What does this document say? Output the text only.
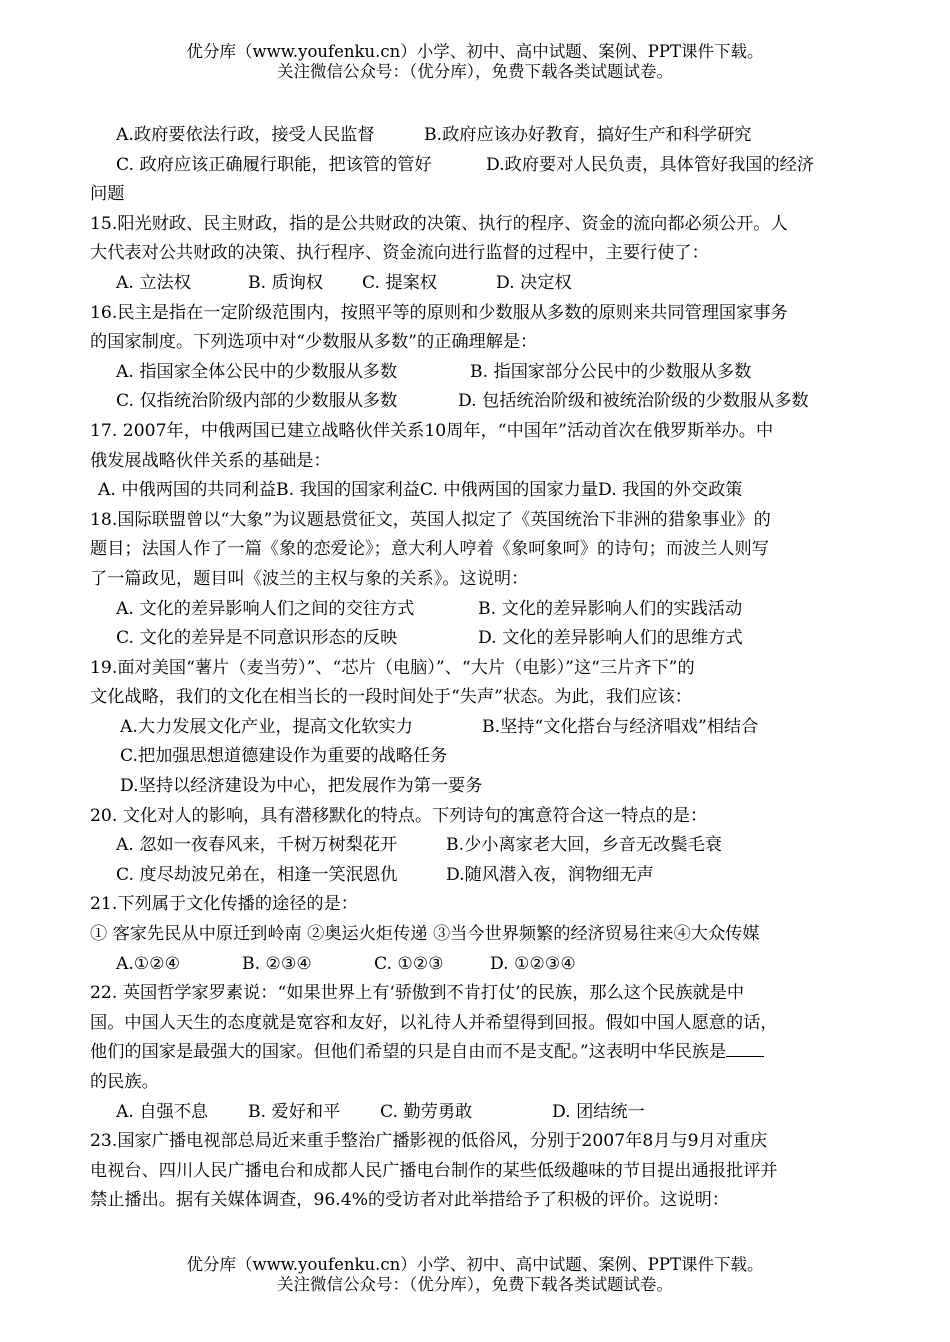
优分库（www.youfenku.cn）小学、初中、高中试题、案例、PPT课件下载。
关注微信公众号：（优分库），免费下载各类试题试卷。
A.政府要依法行政，接受人民监督	B.政府应该办好教育，搞好生产和科学研究
C. 政府应该正确履行职能，把该管的管好	D.政府要对人民负责，具体管好我国的经济
问题
15.阳光财政、民主财政，指的是公共财政的决策、执行的程序、资金的流向都必须公开。人
大代表对公共财政的决策、执行程序、资金流向进行监督的过程中，主要行使了：
A. 立法权	B. 质询权 C. 提案权	D. 决定权
16.民主是指在一定阶级范围内，按照平等的原则和少数服从多数的原则来共同管理国家事务
的国家制度。下列选项中对“少数服从多数”的正确理解是：
A. 指国家全体公民中的少数服从多数	B. 指国家部分公民中的少数服从多数
C. 仅指统治阶级内部的少数服从多数	D. 包括统治阶级和被统治阶级的少数服从多数
17. 2007年，中俄两国已建立战略伙伴关系10周年，“中国年”活动首次在俄罗斯举办。中
俄发展战略伙伴关系的基础是：
A. 中俄两国的共同利益B. 我国的国家利益C. 中俄两国的国家力量D. 我国的外交政策
18.国际联盟曾以“大象”为议题悬赏征文，英国人拟定了《英国统治下非洲的猎象事业》的
题目；法国人作了一篇《象的恋爱论》；意大利人哼着《象呵象呵》的诗句；而波兰人则写
了一篇政见，题目叫《波兰的主权与象的关系》。这说明：
A. 文化的差异影响人们之间的交往方式	B. 文化的差异影响人们的实践活动
C. 文化的差异是不同意识形态的反映	D. 文化的差异影响人们的思维方式
19.面对美国“薯片（麦当劳）”、“芯片（电脑）”、“大片（电影）”这“三片齐下”的
文化战略，我们的文化在相当长的一段时间处于“失声”状态。为此，我们应该：
A.大力发展文化产业，提高文化软实力	B.坚持“文化搭台与经济唱戏”相结合
C.把加强思想道德建设作为重要的战略任务
D.坚持以经济建设为中心，把发展作为第一要务
20. 文化对人的影响，具有潜移默化的特点。下列诗句的寓意符合这一特点的是：
A. 忽如一夜春风来，千树万树梨花开	B.少小离家老大回，乡音无改鬓毛衰
C. 度尽劫波兄弟在，相逢一笑泯恩仇	D.随风潜入夜，润物细无声
21.下列属于文化传播的途径的是：
① 客家先民从中原迁到岭南 ②奥运火炬传递 ③当今世界频繁的经济贸易往来④大众传媒
A.①②④	B. ②③④	C. ①②③	D. ①②③④
22. 英国哲学家罗素说：“如果世界上有‘骄傲到不肯打仗’的民族，那么这个民族就是中
国。中国人天生的态度就是宽容和友好，以礼待人并希望得到回报。假如中国人愿意的话，
他们的国家是最强大的国家。但他们希望的只是自由而不是支配。”这表明中华民族是
的民族。
A. 自强不息 B. 爱好和平 C. 勤劳勇敢	D. 团结统一
23.国家广播电视部总局近来重手整治广播影视的低俗风，分别于2007年8月与9月对重庆
电视台、四川人民广播电台和成都人民广播电台制作的某些低级趣味的节目提出通报批评并
禁止播出。据有关媒体调查，96.4%的受访者对此举措给予了积极的评价。这说明：
优分库（www.youfenku.cn）小学、初中、高中试题、案例、PPT课件下载。
关注微信公众号：（优分库），免费下载各类试题试卷。
